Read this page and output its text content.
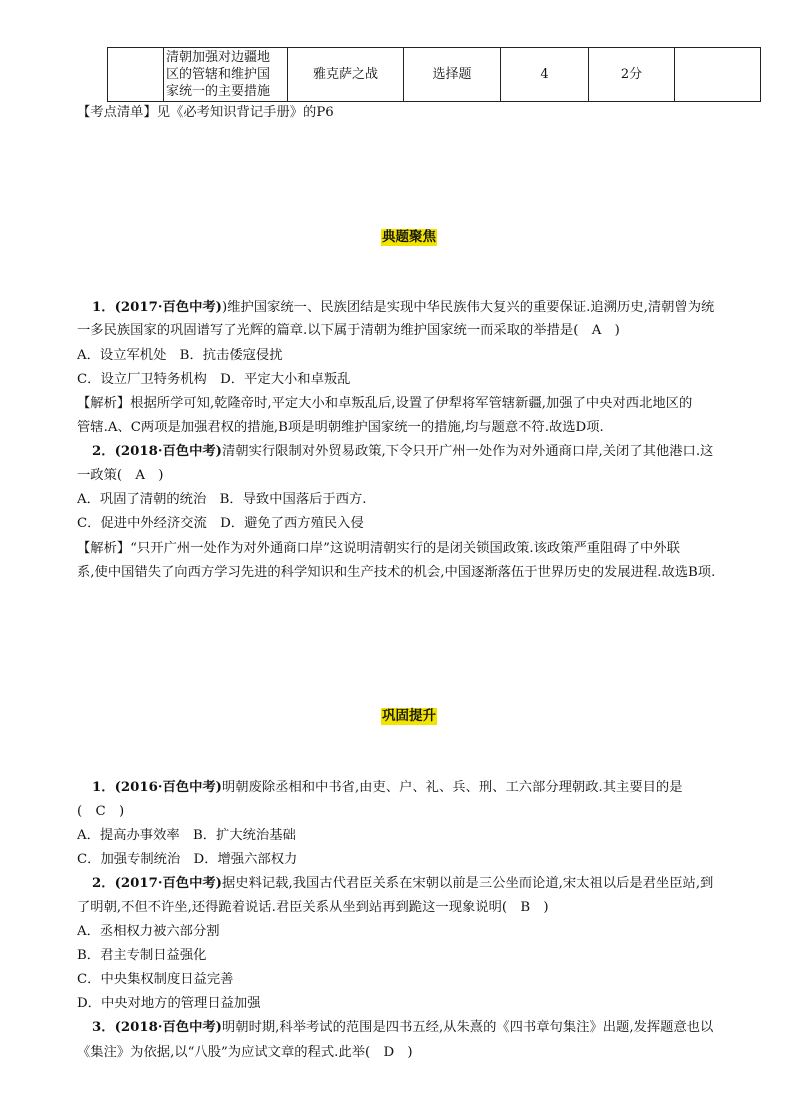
清朝加强对边疆地
区的管辖和维护国
家统一的主要措施
	雅克萨之战	选择题	4	2分	
【考点清单】见《必考知识背记手册》的P6
典题聚焦
1．(2017·百色中考))维护国家统一、民族团结是实现中华民族伟大复兴的重要保证.追溯历史,清朝曾为统
一多民族国家的巩固谱写了光辉的篇章.以下属于清朝为维护国家统一而采取的举措是(　A　)
A．设立军机处　B．抗击倭寇侵扰
C．设立厂卫特务机构　D．平定大小和卓叛乱
【解析】根据所学可知,乾隆帝时,平定大小和卓叛乱后,设置了伊犁将军管辖新疆,加强了中央对西北地区的
管辖.A、C两项是加强君权的措施,B项是明朝维护国家统一的措施,均与题意不符.故选D项.
2．(2018·百色中考)清朝实行限制对外贸易政策,下令只开广州一处作为对外通商口岸,关闭了其他港口.这
一政策(　A　)
A．巩固了清朝的统治　B．导致中国落后于西方.
C．促进中外经济交流　D．避免了西方殖民入侵
【解析】“只开广州一处作为对外通商口岸”这说明清朝实行的是闭关锁国政策.该政策严重阻碍了中外联
系,使中国错失了向西方学习先进的科学知识和生产技术的机会,中国逐渐落伍于世界历史的发展进程.故选B项.
巩固提升
1．(2016·百色中考)明朝废除丞相和中书省,由吏、户、礼、兵、刑、工六部分理朝政.其主要目的是
(　C　)
A．提高办事效率　B．扩大统治基础
C．加强专制统治　D．增强六部权力
2．(2017·百色中考)据史料记载,我国古代君臣关系在宋朝以前是三公坐而论道,宋太祖以后是君坐臣站,到
了明朝,不但不许坐,还得跪着说话.君臣关系从坐到站再到跪这一现象说明(　B　)
A．丞相权力被六部分割
B．君主专制日益强化
C．中央集权制度日益完善
D．中央对地方的管理日益加强
3．(2018·百色中考)明朝时期,科举考试的范围是四书五经,从朱熹的《四书章句集注》出题,发挥题意也以
《集注》为依据,以“八股”为应试文章的程式.此举(　D　)
